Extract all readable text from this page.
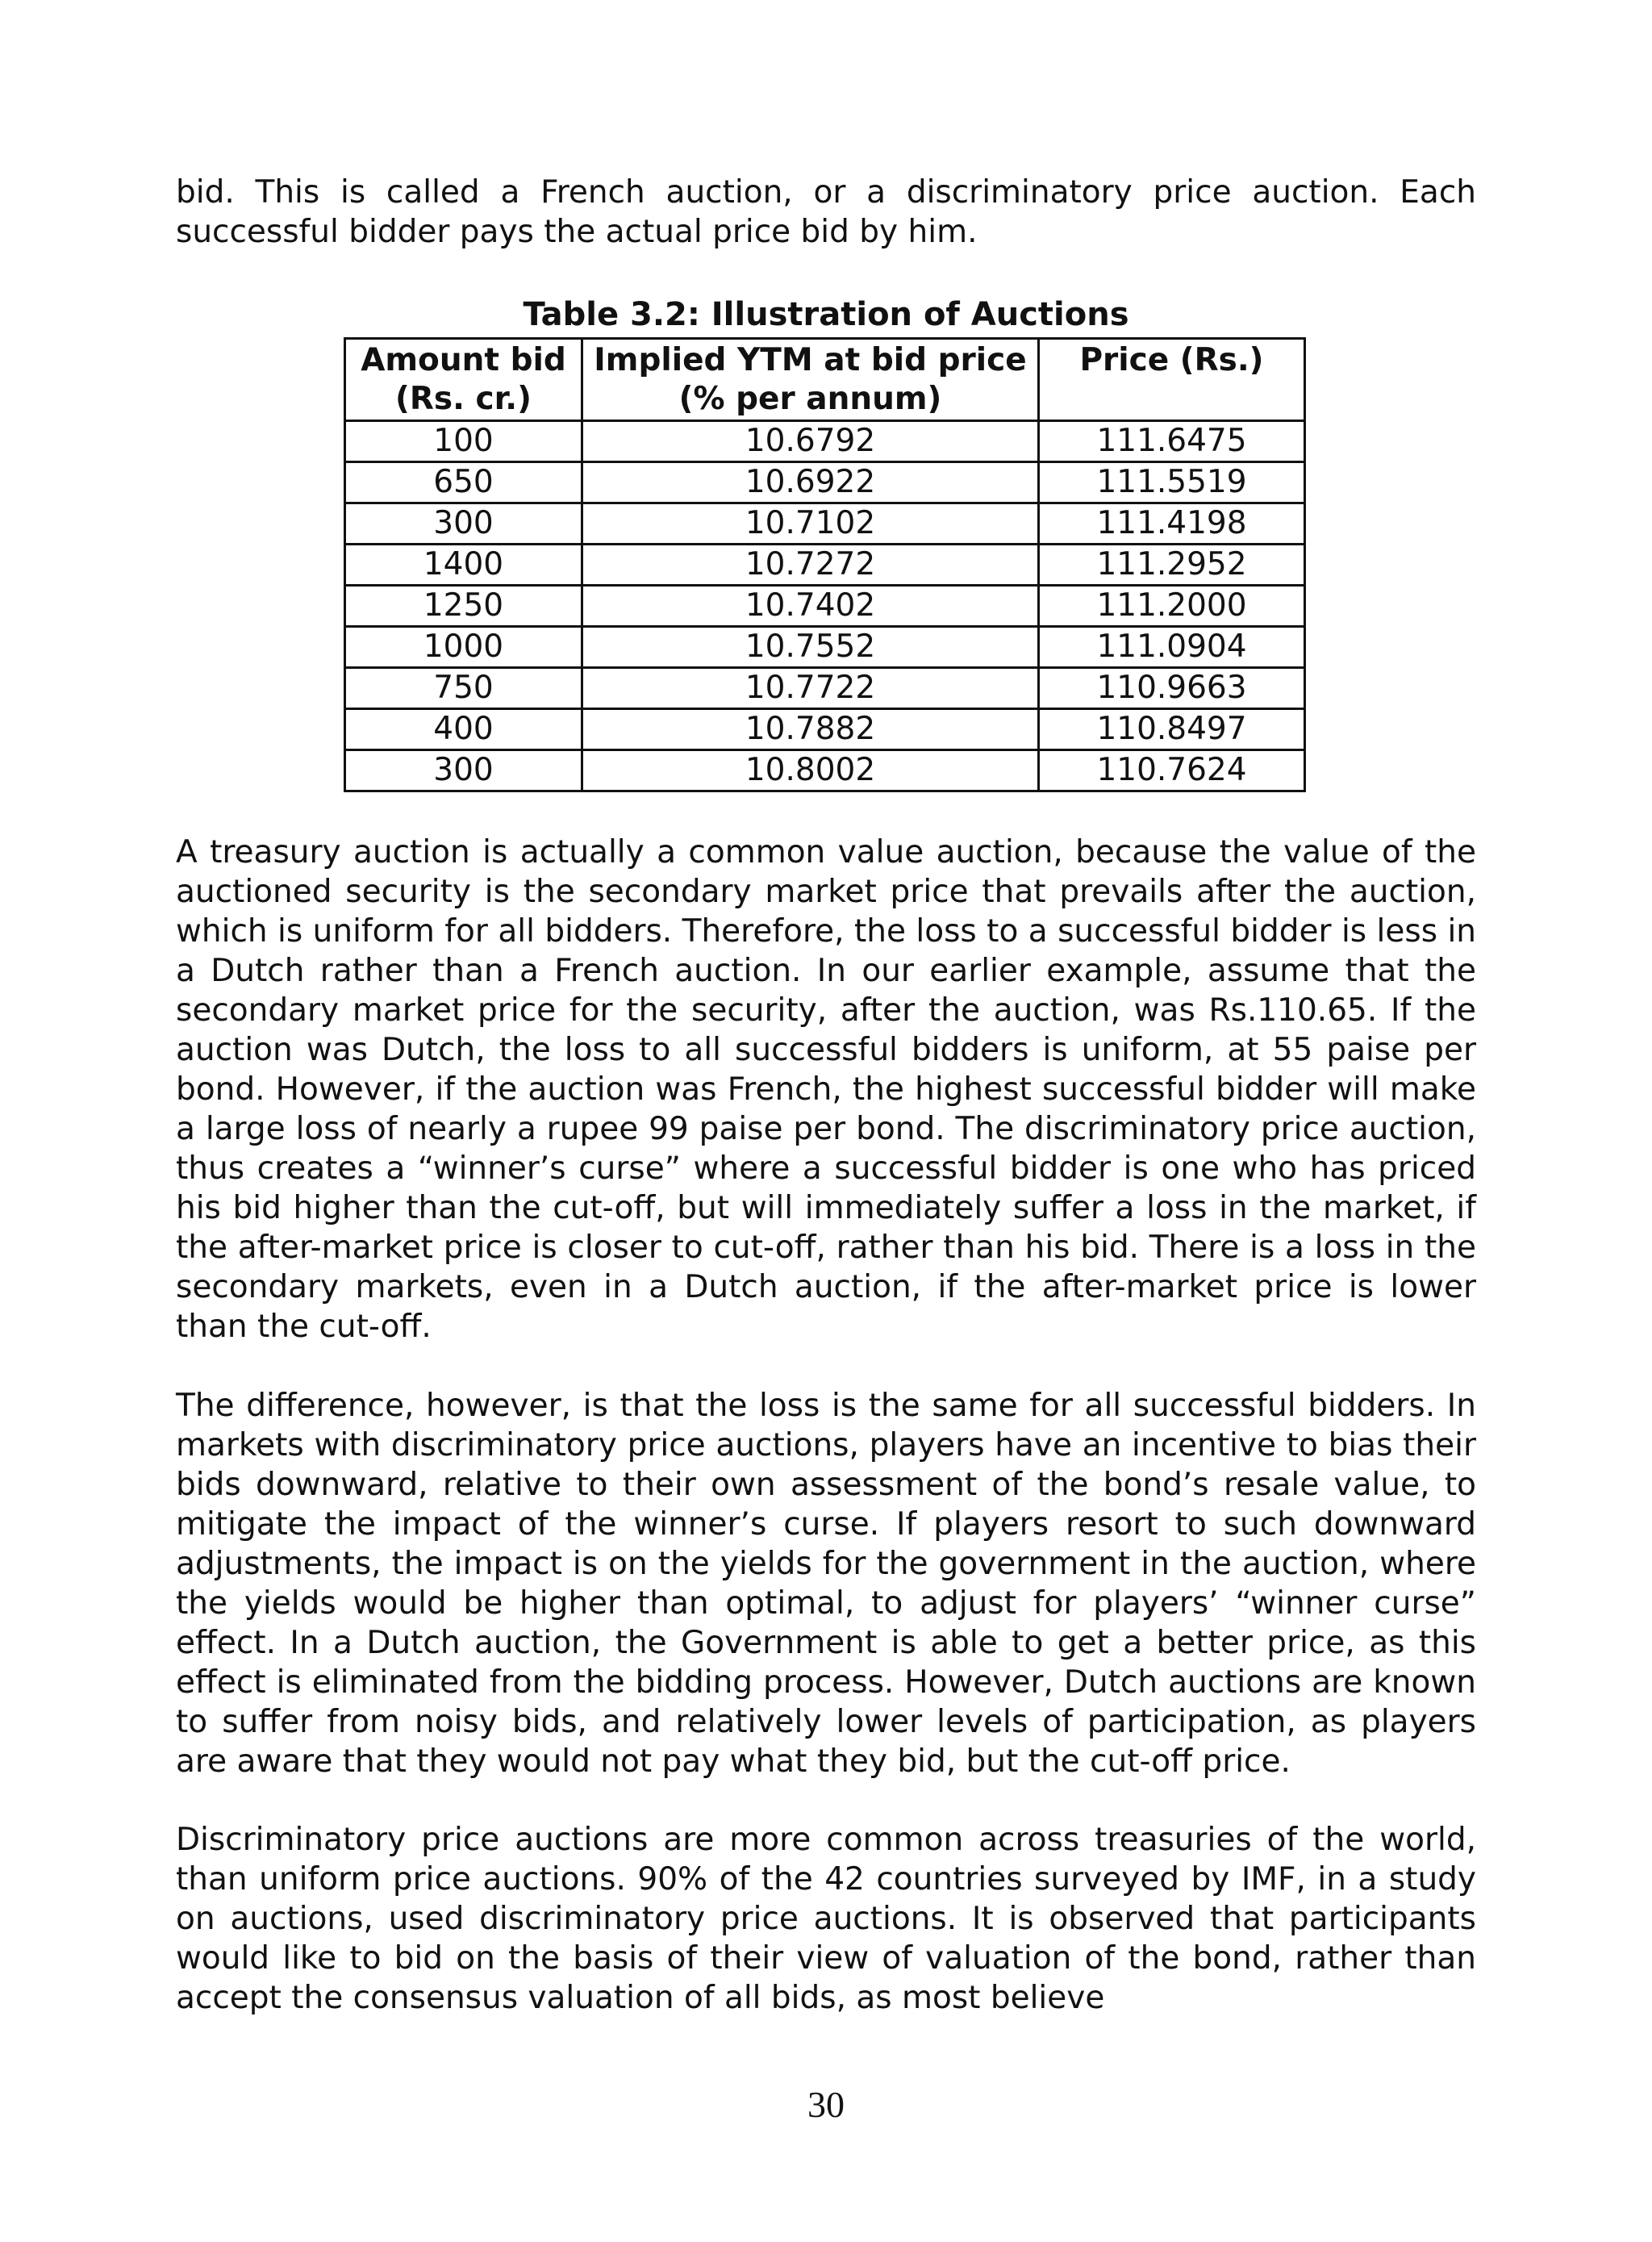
bid. This is called a French auction, or a discriminatory price auction. Each successful bidder pays the actual price bid by him.

Table 3.2: Illustration of Auctions

Amount bid (Rs. cr.)	Implied YTM at bid price (% per annum)	Price (Rs.)
100	10.6792	111.6475
650	10.6922	111.5519
300	10.7102	111.4198
1400	10.7272	111.2952
1250	10.7402	111.2000
1000	10.7552	111.0904
750	10.7722	110.9663
400	10.7882	110.8497
300	10.8002	110.7624

A treasury auction is actually a common value auction, because the value of the auctioned security is the secondary market price that prevails after the auction, which is uniform for all bidders. Therefore, the loss to a successful bidder is less in a Dutch rather than a French auction. In our earlier example, assume that the secondary market price for the security, after the auction, was Rs.110.65. If the auction was Dutch, the loss to all successful bidders is uniform, at 55 paise per bond. However, if the auction was French, the highest successful bidder will make a large loss of nearly a rupee 99 paise per bond. The discriminatory price auction, thus creates a “winner’s curse” where a successful bidder is one who has priced his bid higher than the cut-off, but will immediately suffer a loss in the market, if the after-market price is closer to cut-off, rather than his bid. There is a loss in the secondary markets, even in a Dutch auction, if the after-market price is lower than the cut-off.

The difference, however, is that the loss is the same for all successful bidders. In markets with discriminatory price auctions, players have an incentive to bias their bids downward, relative to their own assessment of the bond’s resale value, to mitigate the impact of the winner’s curse. If players resort to such downward adjustments, the impact is on the yields for the government in the auction, where the yields would be higher than optimal, to adjust for players’ “winner curse” effect. In a Dutch auction, the Government is able to get a better price, as this effect is eliminated from the bidding process. However, Dutch auctions are known to suffer from noisy bids, and relatively lower levels of participation, as players are aware that they would not pay what they bid, but the cut-off price.

Discriminatory price auctions are more common across treasuries of the world, than uniform price auctions. 90% of the 42 countries surveyed by IMF, in a study on auctions, used discriminatory price auctions. It is observed that participants would like to bid on the basis of their view of valuation of the bond, rather than accept the consensus valuation of all bids, as most believe

30
